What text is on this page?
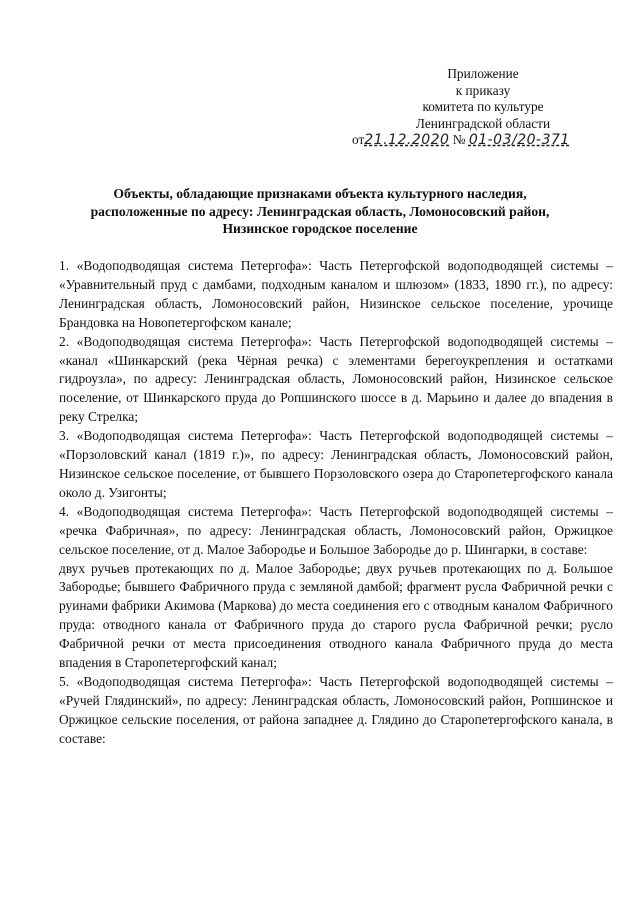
Приложение
к приказу
комитета по культуре
Ленинградской области
от21.12.2020 № 01-03/20-371
Объекты, обладающие признаками объекта культурного наследия,
расположенные по адресу: Ленинградская область, Ломоносовский район,
Низинское городское поселение

1. «Водоподводящая система Петергофа»: Часть Петергофской водоподводящей системы – «Уравнительный пруд с дамбами, подходным каналом и шлюзом» (1833, 1890 гг.), по адресу: Ленинградская область, Ломоносовский район, Низинское сельское поселение, урочище Брандовка на Новопетергофском канале;

2. «Водоподводящая система Петергофа»: Часть Петергофской водоподводящей системы – «канал «Шинкарский (река Чёрная речка) с элементами берегоукрепления и остатками гидроузла», по адресу: Ленинградская область, Ломоносовский район, Низинское сельское поселение, от Шинкарского пруда до Ропшинского шоссе в д. Марьино и далее до впадения в реку Стрелка;

3. «Водоподводящая система Петергофа»: Часть Петергофской водоподводящей системы – «Порзоловский канал (1819 г.)», по адресу: Ленинградская область, Ломоносовский район, Низинское сельское поселение, от бывшего Порзоловского озера до Старопетергофского канала около д. Узигонты;

4. «Водоподводящая система Петергофа»: Часть Петергофской водоподводящей системы – «речка Фабричная», по адресу: Ленинградская область, Ломоносовский район, Оржицкое сельское поселение, от д. Малое Забородье и Большое Забородье до р. Шингарки, в составе:

двух ручьев протекающих по д. Малое Забородье; двух ручьев протекающих по д. Большое Забородье; бывшего Фабричного пруда с земляной дамбой; фрагмент русла Фабричной речки с руинами фабрики Акимова (Маркова) до места соединения его с отводным каналом Фабричного пруда: отводного канала от Фабричного пруда до старого русла Фабричной речки; русло Фабричной речки от места присоединения отводного канала Фабричного пруда до места впадения в Старопетергофский канал;

5. «Водоподводящая система Петергофа»: Часть Петергофской водоподводящей системы – «Ручей Глядинский», по адресу: Ленинградская область, Ломоносовский район, Ропшинское и Оржицкое сельские поселения, от района западнее д. Глядино до Старопетергофского канала, в составе:
